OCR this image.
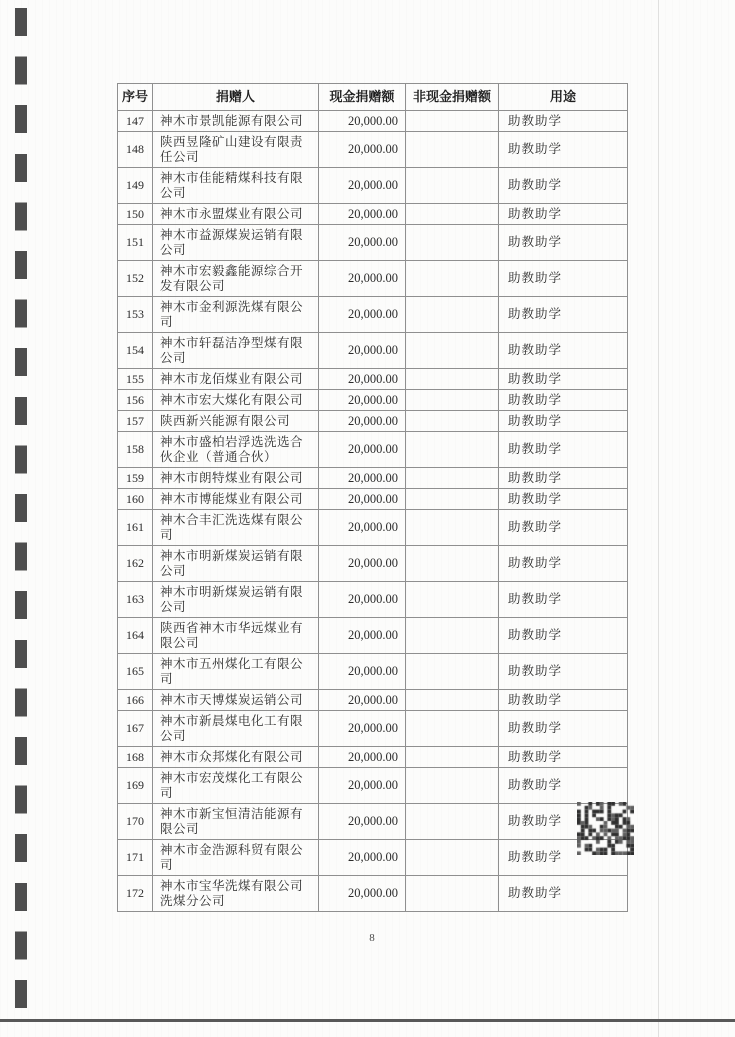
序号	捐赠人	现金捐赠额	非现金捐赠额	用途
147	神木市景凯能源有限公司	20,000.00		助教助学
148	陕西昱隆矿山建设有限责任公司	20,000.00		助教助学
149	神木市佳能精煤科技有限公司	20,000.00		助教助学
150	神木市永盟煤业有限公司	20,000.00		助教助学
151	神木市益源煤炭运销有限公司	20,000.00		助教助学
152	神木市宏毅鑫能源综合开发有限公司	20,000.00		助教助学
153	神木市金利源洗煤有限公司	20,000.00		助教助学
154	神木市轩磊洁净型煤有限公司	20,000.00		助教助学
155	神木市龙佰煤业有限公司	20,000.00		助教助学
156	神木市宏大煤化有限公司	20,000.00		助教助学
157	陕西新兴能源有限公司	20,000.00		助教助学
158	神木市盛柏岩浮选洗选合伙企业（普通合伙）	20,000.00		助教助学
159	神木市朗特煤业有限公司	20,000.00		助教助学
160	神木市博能煤业有限公司	20,000.00		助教助学
161	神木合丰汇洗选煤有限公司	20,000.00		助教助学
162	神木市明新煤炭运销有限公司	20,000.00		助教助学
163	神木市明新煤炭运销有限公司	20,000.00		助教助学
164	陕西省神木市华远煤业有限公司	20,000.00		助教助学
165	神木市五州煤化工有限公司	20,000.00		助教助学
166	神木市天博煤炭运销公司	20,000.00		助教助学
167	神木市新晨煤电化工有限公司	20,000.00		助教助学
168	神木市众邦煤化有限公司	20,000.00		助教助学
169	神木市宏茂煤化工有限公司	20,000.00		助教助学
170	神木市新宝恒清洁能源有限公司	20,000.00		助教助学
171	神木市金浩源科贸有限公司	20,000.00		助教助学
172	神木市宝华洗煤有限公司洗煤分公司	20,000.00		助教助学
8
